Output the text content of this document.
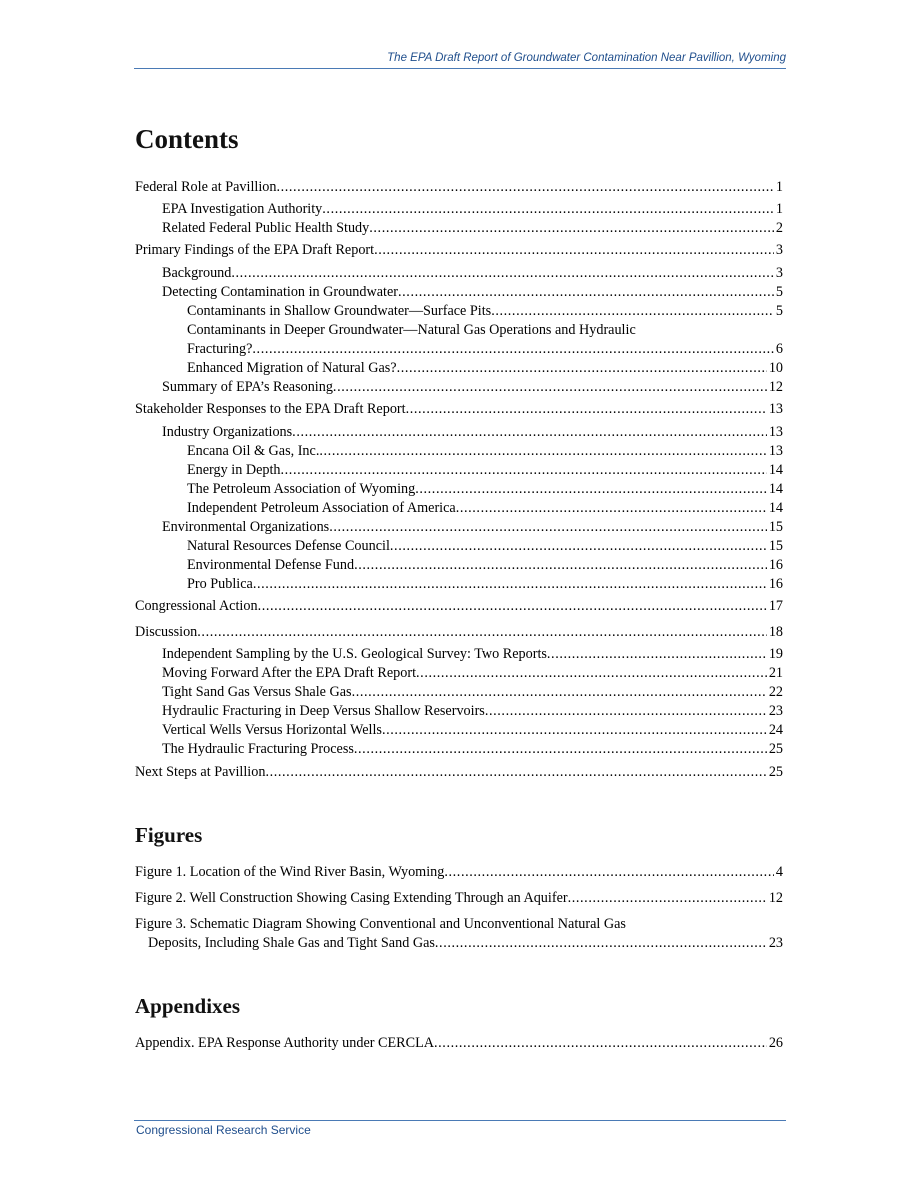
The EPA Draft Report of Groundwater Contamination Near Pavillion, Wyoming
Contents
Federal Role at Pavillion .....	1
EPA Investigation Authority .....	1
Related Federal Public Health Study .....	2
Primary Findings of the EPA Draft Report .....	3
Background .....	3
Detecting Contamination in Groundwater .....	5
Contaminants in Shallow Groundwater—Surface Pits .....	5
Contaminants in Deeper Groundwater—Natural Gas Operations and Hydraulic
Fracturing? .....	6
Enhanced Migration of Natural Gas? .....	10
Summary of EPA’s Reasoning .....	12
Stakeholder Responses to the EPA Draft Report .....	13
Industry Organizations .....	13
Encana Oil & Gas, Inc. .....	13
Energy in Depth .....	14
The Petroleum Association of Wyoming .....	14
Independent Petroleum Association of America .....	14
Environmental Organizations .....	15
Natural Resources Defense Council .....	15
Environmental Defense Fund .....	16
Pro Publica .....	16
Congressional Action .....	17
Discussion .....	18
Independent Sampling by the U.S. Geological Survey: Two Reports .....	19
Moving Forward After the EPA Draft Report .....	21
Tight Sand Gas Versus Shale Gas .....	22
Hydraulic Fracturing in Deep Versus Shallow Reservoirs .....	23
Vertical Wells Versus Horizontal Wells .....	24
The Hydraulic Fracturing Process .....	25
Next Steps at Pavillion .....	25
Figures
Figure 1. Location of the Wind River Basin, Wyoming .....	4
Figure 2. Well Construction Showing Casing Extending Through an Aquifer .....	12
Figure 3. Schematic Diagram Showing Conventional and Unconventional Natural Gas
Deposits, Including Shale Gas and Tight Sand Gas .....	23
Appendixes
Appendix. EPA Response Authority under CERCLA .....	26
Congressional Research Service
